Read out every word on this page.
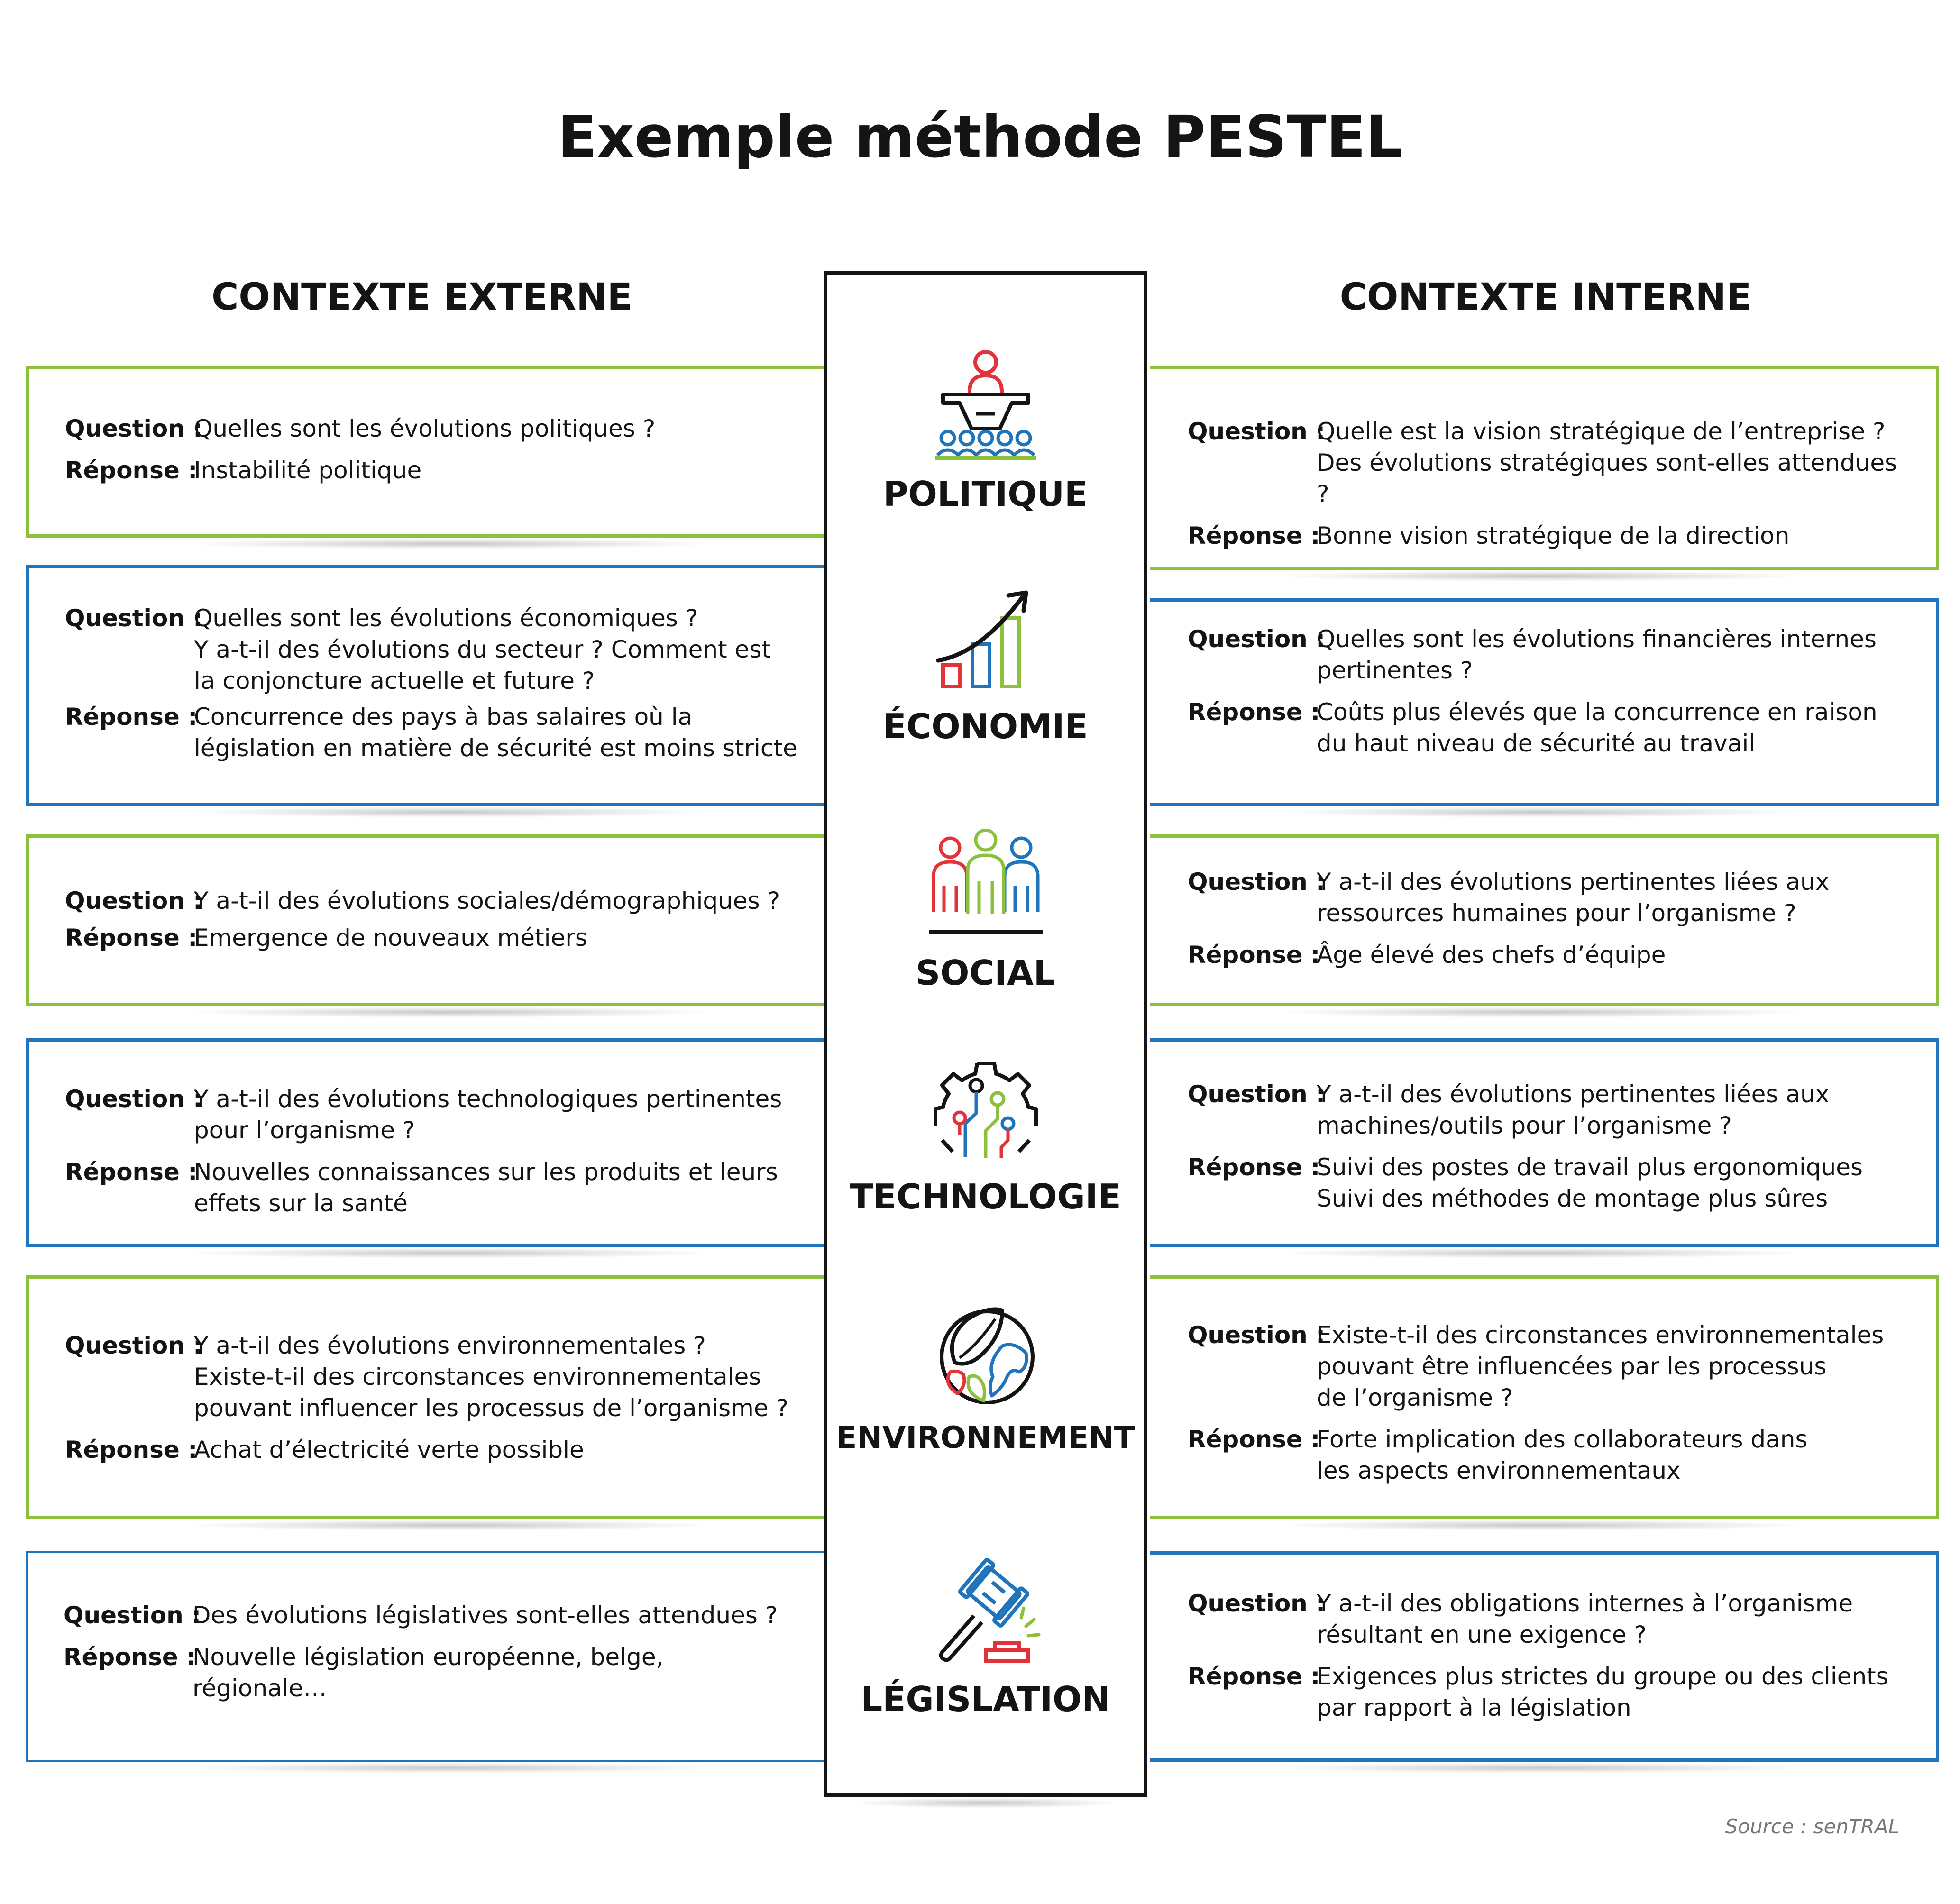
Exemple méthode PESTEL
CONTEXTE EXTERNE	CONTEXTE INTERNE
Question :
Quelles sont les évolutions politiques ?
Réponse :
Instabilité politique
Question :
Quelles sont les évolutions économiques ?
Y a-t-il des évolutions du secteur ? Comment est
la conjoncture actuelle et future ?
Réponse :
Concurrence des pays à bas salaires où la
législation en matière de sécurité est moins stricte
Question :
Y a-t-il des évolutions sociales/démographiques ?
Réponse :
Emergence de nouveaux métiers
Question :
Y a-t-il des évolutions technologiques pertinentes
pour l’organisme ?
Réponse :
Nouvelles connaissances sur les produits et leurs
effets sur la santé
Question :
Y a-t-il des évolutions environnementales ?
Existe-t-il des circonstances environnementales
pouvant influencer les processus de l’organisme ?
Réponse :
Achat d’électricité verte possible
Question :
Des évolutions législatives sont-elles attendues ?
Réponse :
Nouvelle législation européenne, belge,
régionale…
Question :
Quelle est la vision stratégique de l’entreprise ?
Des évolutions stratégiques sont-elles attendues ?
Réponse :
Bonne vision stratégique de la direction
Question :
Quelles sont les évolutions financières internes
pertinentes ?
Réponse :
Coûts plus élevés que la concurrence en raison
du haut niveau de sécurité au travail
Question :
Y a-t-il des évolutions pertinentes liées aux
ressources humaines pour l’organisme ?
Réponse :
Âge élevé des chefs d’équipe
Question :
Y a-t-il des évolutions pertinentes liées aux
machines/outils pour l’organisme ?
Réponse :
Suivi des postes de travail plus ergonomiques
Suivi des méthodes de montage plus sûres
Question :
Existe-t-il des circonstances environnementales
pouvant être influencées par les processus
de l’organisme ?
Réponse :
Forte implication des collaborateurs dans
les aspects environnementaux
Question :
Y a-t-il des obligations internes à l’organisme
résultant en une exigence ?
Réponse :
Exigences plus strictes du groupe ou des clients
par rapport à la législation
POLITIQUE
ÉCONOMIE
SOCIAL
TECHNOLOGIE
ENVIRONNEMENT
LÉGISLATION
Source : senTRAL
